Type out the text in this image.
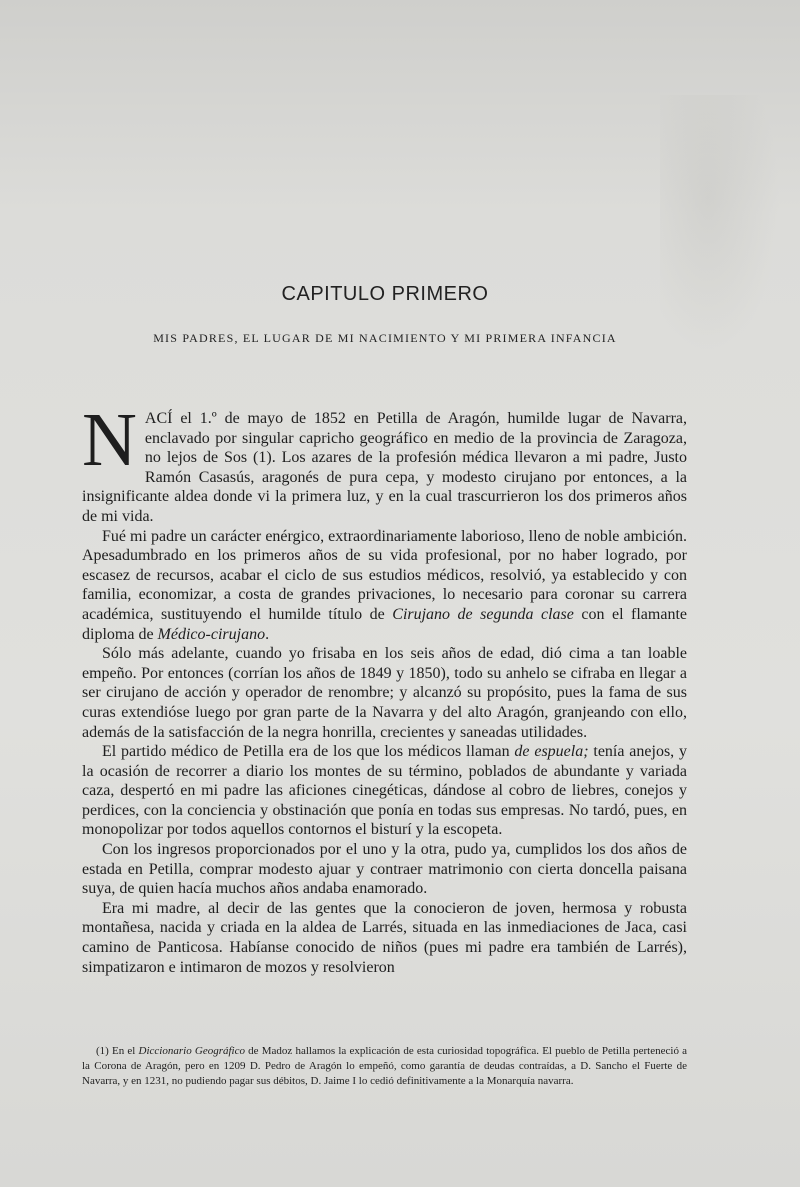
CAPITULO PRIMERO
MIS PADRES, EL LUGAR DE MI NACIMIENTO Y MI PRIMERA INFANCIA

NACÍ el 1.º de mayo de 1852 en Petilla de Aragón, humilde lugar de Navarra, enclavado por singular capricho geográfico en medio de la provincia de Zaragoza, no lejos de Sos (1). Los azares de la profesión médica llevaron a mi padre, Justo Ramón Casasús, aragonés de pura cepa, y modesto cirujano por entonces, a la insignificante aldea donde vi la primera luz, y en la cual trascurrieron los dos primeros años de mi vida.

Fué mi padre un carácter enérgico, extraordinariamente laborioso, lleno de noble ambición. Apesadumbrado en los primeros años de su vida profesional, por no haber logrado, por escasez de recursos, acabar el ciclo de sus estudios médicos, resolvió, ya establecido y con familia, economizar, a costa de grandes privaciones, lo necesario para coronar su carrera académica, sustituyendo el humilde título de Cirujano de segunda clase con el flamante diploma de Médico-cirujano.

Sólo más adelante, cuando yo frisaba en los seis años de edad, dió cima a tan loable empeño. Por entonces (corrían los años de 1849 y 1850), todo su anhelo se cifraba en llegar a ser cirujano de acción y operador de renombre; y alcanzó su propósito, pues la fama de sus curas extendióse luego por gran parte de la Navarra y del alto Aragón, granjeando con ello, además de la satisfacción de la negra honrilla, crecientes y saneadas utilidades.

El partido médico de Petilla era de los que los médicos llaman de espuela; tenía anejos, y la ocasión de recorrer a diario los montes de su término, poblados de abundante y variada caza, despertó en mi padre las aficiones cinegéticas, dándose al cobro de liebres, conejos y perdices, con la conciencia y obstinación que ponía en todas sus empresas. No tardó, pues, en monopolizar por todos aquellos contornos el bisturí y la escopeta.

Con los ingresos proporcionados por el uno y la otra, pudo ya, cumplidos los dos años de estada en Petilla, comprar modesto ajuar y contraer matrimonio con cierta doncella paisana suya, de quien hacía muchos años andaba enamorado.

Era mi madre, al decir de las gentes que la conocieron de joven, hermosa y robusta montañesa, nacida y criada en la aldea de Larrés, situada en las inmediaciones de Jaca, casi camino de Panticosa. Habíanse conocido de niños (pues mi padre era también de Larrés), simpatizaron e intimaron de mozos y resolvieron

(1) En el Diccionario Geográfico de Madoz hallamos la explicación de esta curiosidad topográfica. El pueblo de Petilla perteneció a la Corona de Aragón, pero en 1209 D. Pedro de Aragón lo empeñó, como garantía de deudas contraídas, a D. Sancho el Fuerte de Navarra, y en 1231, no pudiendo pagar sus débitos, D. Jaime I lo cedió definitivamente a la Monarquía navarra.
